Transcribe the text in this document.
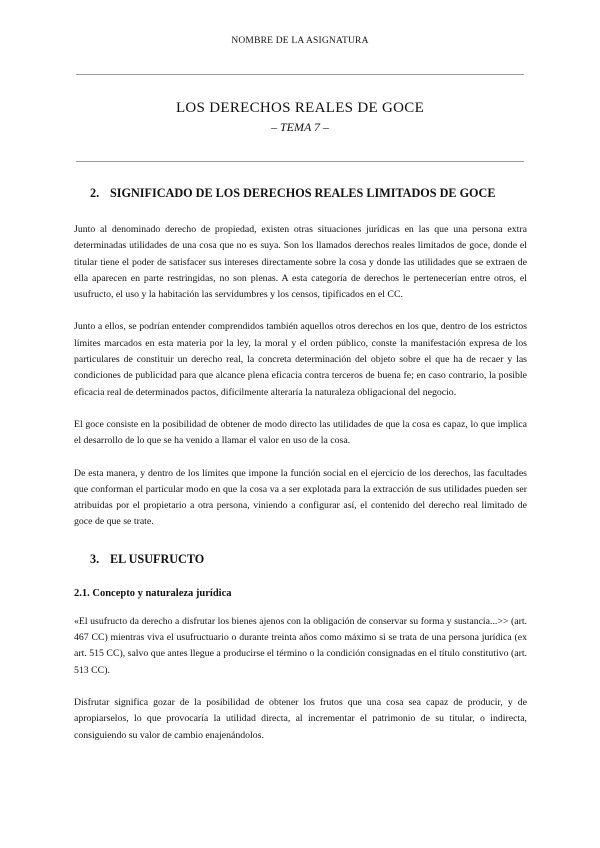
NOMBRE DE LA ASIGNATURA
LOS DERECHOS REALES DE GOCE
– TEMA 7 –
2. SIGNIFICADO DE LOS DERECHOS REALES LIMITADOS DE GOCE

Junto al denominado derecho de propiedad, existen otras situaciones jurídicas en las que una persona extra determinadas utilidades de una cosa que no es suya. Son los llamados derechos reales limitados de goce, donde el titular tiene el poder de satisfacer sus intereses directamente sobre la cosa y donde las utilidades que se extraen de ella aparecen en parte restringidas, no son plenas. A esta categoría de derechos le pertenecerían entre otros, el usufructo, el uso y la habitación las servidumbres y los censos, tipificados en el CC.

Junto a ellos, se podrían entender comprendidos también aquellos otros derechos en los que, dentro de los estrictos límites marcados en esta materia por la ley, la moral y el orden público, conste la manifestación expresa de los particulares de constituir un derecho real, la concreta determinación del objeto sobre el que ha de recaer y las condiciones de publicidad para que alcance plena eficacia contra terceros de buena fe; en caso contrario, la posible eficacia real de determinados pactos, difícilmente alteraría la naturaleza obligacional del negocio.

El goce consiste en la posibilidad de obtener de modo directo las utilidades de que la cosa es capaz, lo que implica el desarrollo de lo que se ha venido a llamar el valor en uso de la cosa.

De esta manera, y dentro de los límites que impone la función social en el ejercicio de los derechos, las facultades que conforman el particular modo en que la cosa va a ser explotada para la extracción de sus utilidades pueden ser atribuidas por el propietario a otra persona, viniendo a configurar así, el contenido del derecho real limitado de goce de que se trate.

3. EL USUFRUCTO
2.1. Concepto y naturaleza jurídica

«El usufructo da derecho a disfrutar los bienes ajenos con la obligación de conservar su forma y sustancia...>> (art. 467 CC) mientras viva el usufructuario o durante treinta años como máximo si se trata de una persona jurídica (ex art. 515 CC), salvo que antes llegue a producirse el término o la condición consignadas en el título constitutivo (art. 513 CC).

Disfrutar significa gozar de la posibilidad de obtener los frutos que una cosa sea capaz de producir, y de apropiarselos, lo que provocaría la utilidad directa, al incrementar el patrimonio de su titular, o indirecta, consiguiendo su valor de cambio enajenándolos.
